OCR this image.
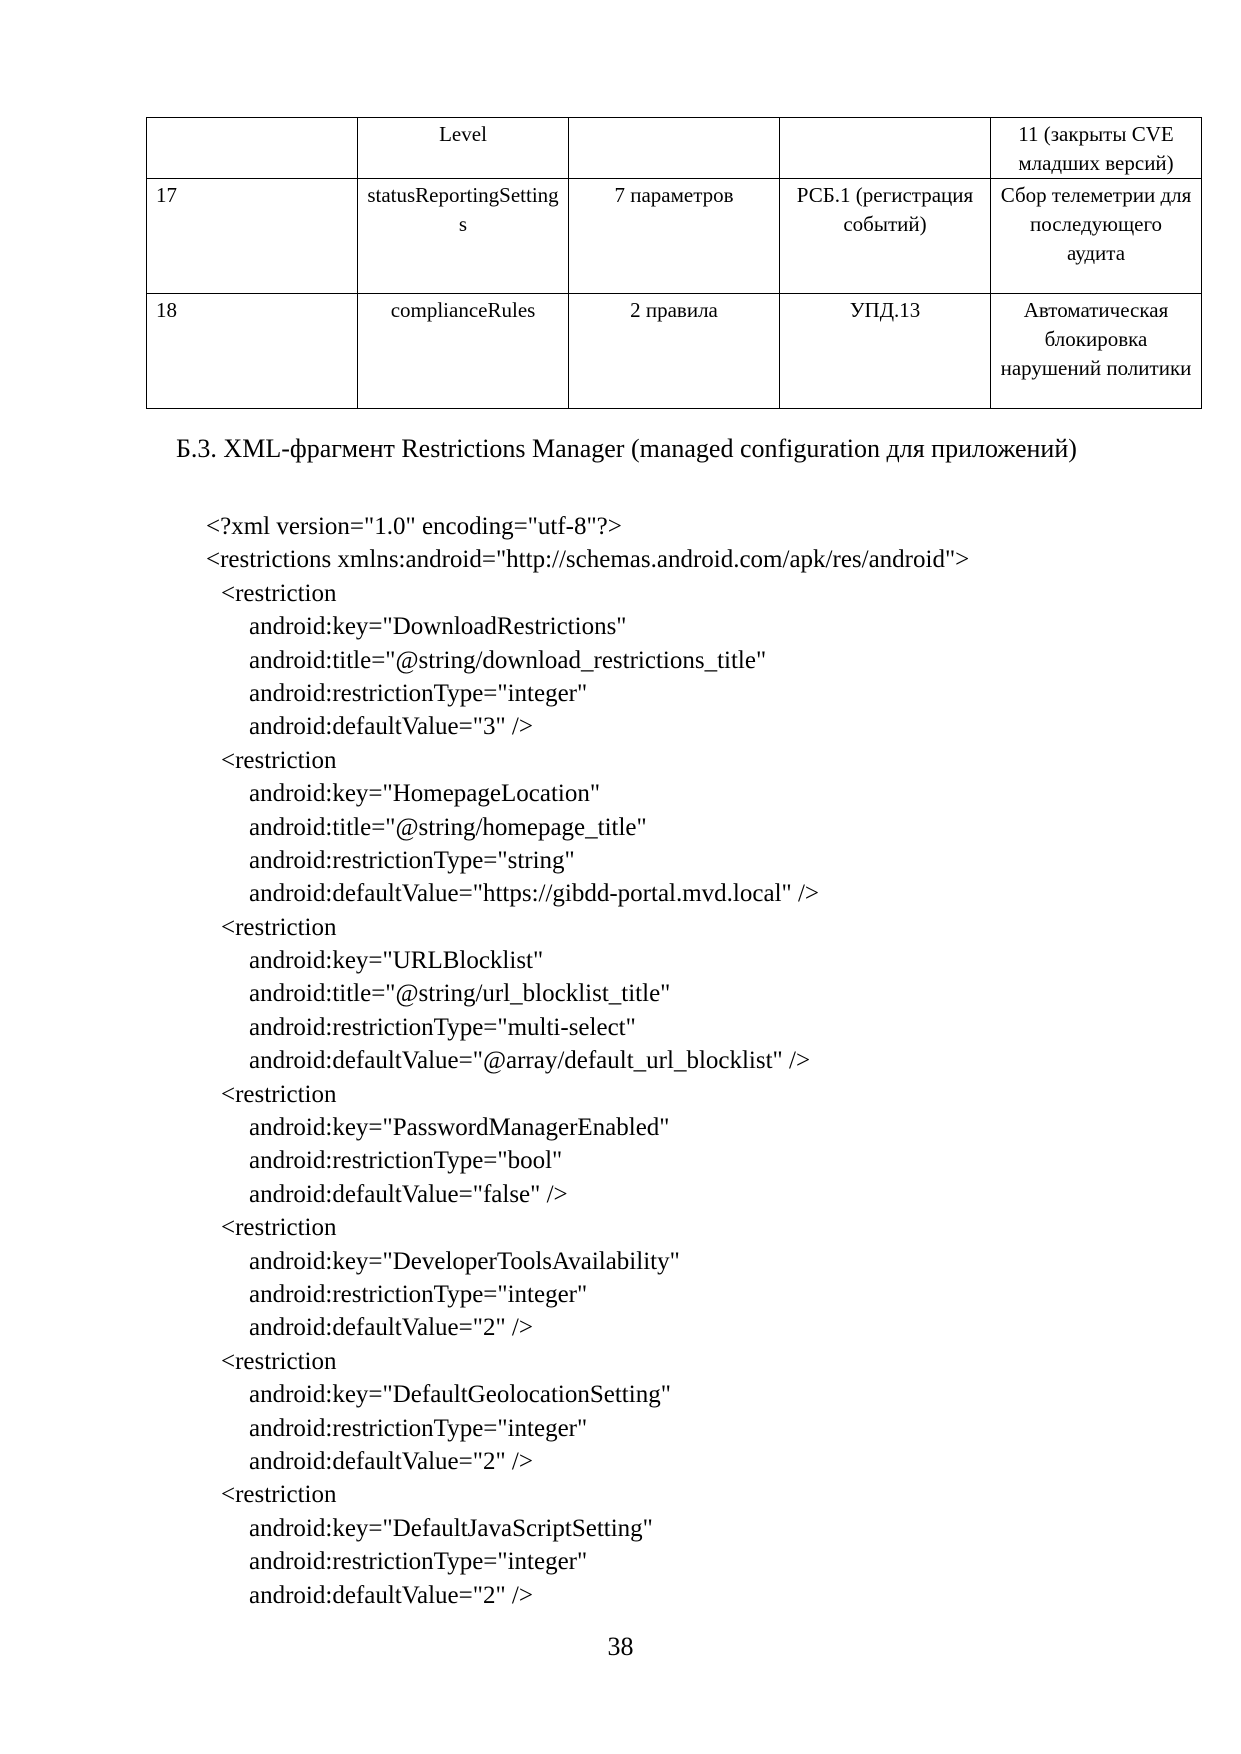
	Level			11 (закрыты CVE младших версий)
17	statusReportingSettings	7 параметров	РСБ.1 (регистрация событий)	Сбор телеметрии для последующего аудита
18	complianceRules	2 правила	УПД.13	Автоматическая блокировка нарушений политики
Б.3. XML-фрагмент Restrictions Manager (managed configuration для приложений)
<?xml version="1.0" encoding="utf-8"?>
<restrictions xmlns:android="http://schemas.android.com/apk/res/android">
<restriction
android:key="DownloadRestrictions"
android:title="@string/download_restrictions_title"
android:restrictionType="integer"
android:defaultValue="3" />
<restriction
android:key="HomepageLocation"
android:title="@string/homepage_title"
android:restrictionType="string"
android:defaultValue="https://gibdd-portal.mvd.local" />
<restriction
android:key="URLBlocklist"
android:title="@string/url_blocklist_title"
android:restrictionType="multi-select"
android:defaultValue="@array/default_url_blocklist" />
<restriction
android:key="PasswordManagerEnabled"
android:restrictionType="bool"
android:defaultValue="false" />
<restriction
android:key="DeveloperToolsAvailability"
android:restrictionType="integer"
android:defaultValue="2" />
<restriction
android:key="DefaultGeolocationSetting"
android:restrictionType="integer"
android:defaultValue="2" />
<restriction
android:key="DefaultJavaScriptSetting"
android:restrictionType="integer"
android:defaultValue="2" />
38
